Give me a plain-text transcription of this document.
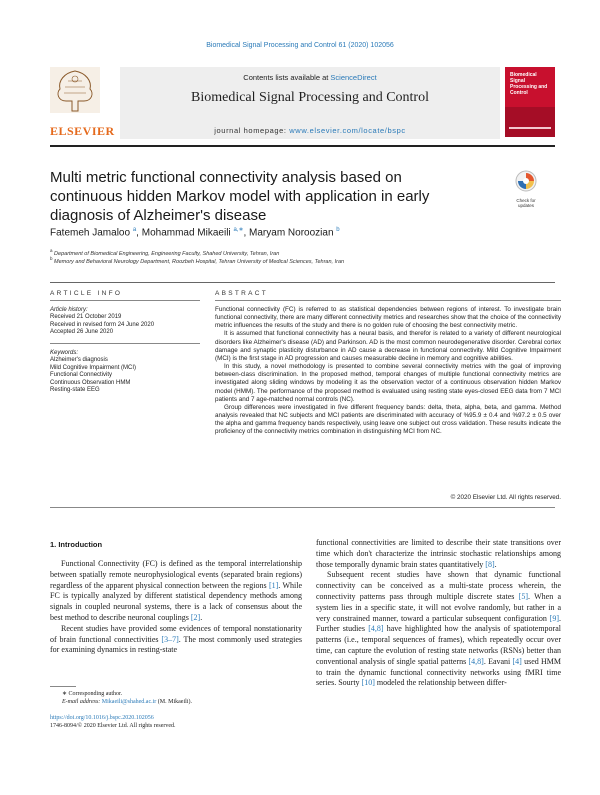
Biomedical Signal Processing and Control 61 (2020) 102056
ELSEVIER
Contents lists available at ScienceDirect
Biomedical Signal Processing and Control
journal homepage: www.elsevier.com/locate/bspc
Biomedical Signal Processing and Control
Multi metric functional connectivity analysis based on continuous hidden Markov model with application in early diagnosis of Alzheimer's disease
Check for
updates
Fatemeh Jamaloo $^a$, Mohammad Mikaeili $^{a,∗}$, Maryam Noroozian $^b$
$^a$ Department of Biomedical Engineering, Engineering Faculty, Shahed University, Tehran, Iran
$^b$ Memory and Behavioral Neurology Department, Roozbeh Hospital, Tehran University of Medical Sciences, Tehran, Iran
ARTICLE INFO
Article history:
Received 21 October 2019
Received in revised form 24 June 2020
Accepted 26 June 2020
Keywords:
Alzheimer's diagnosis
Mild Cognitive Impairment (MCI)
Functional Connectivity
Continuous Observation HMM
Resting-state EEG
ABSTRACT

Functional connectivity (FC) is referred to as statistical dependencies between regions of interest. To investigate brain functional connectivity, there are many different connectivity metrics and researches show that the choice of the connectivity metric influences the results of the study and there is no golden rule of choosing the best connectivity metric.

It is assumed that functional connectivity has a neural basis, and therefor is related to a variety of different neurological disorders like Alzheimer's disease (AD) and Parkinson. AD is the most common neurodegenerative disorder. Cerebral cortex damage and synaptic plasticity disturbance in AD cause a decrease in functional connectivity. Mild Cognitive Impairment (MCI) is the first stage in AD progression and causes measurable decline in memory and cognitive abilities.

In this study, a novel methodology is presented to combine several connectivity metrics with the goal of improving between-class discrimination. In the proposed method, temporal changes of multiple functional connectivity metrics are investigated along sliding windows by modeling it as the observation vector of a continuous observation hidden Markov model (HMM). The performance of the proposed method is evaluated using resting state eyes-closed EEG data from 7 MCI patients and 7 age-matched normal controls (NC).

Group differences were investigated in five different frequency bands: delta, theta, alpha, beta, and gamma. Method analysis revealed that NC subjects and MCI patients are discriminated with accuracy of %95.9 ± 0.4 and %97.2 ± 0.5 over the alpha and gamma frequency bands respectively, using leave one subject out cross validation. These results indicate the proficiency of the connectivity metrics combination in distinguishing MCI from NC.

© 2020 Elsevier Ltd. All rights reserved.
1. Introduction

Functional Connectivity (FC) is defined as the temporal interrelationship between spatially remote neurophysiological events (separated brain regions) regardless of the apparent physical connection between the regions [1]. While FC is typically analyzed by different statistical dependency methods among signals in coupled neuronal systems, there is a lack of consensus about the best method to describe neuronal couplings [2].

Recent studies have provided some evidences of temporal nonstationarity of brain functional connectivities [3–7]. The most commonly used strategies for examining dynamics in resting-state

functional connectivities are limited to describe their state transitions over time which don't characterize the intrinsic stochastic relationships among those temporally dynamic brain states quantitatively [8].

Subsequent recent studies have shown that dynamic functional connectivity can be conceived as a multi-state process wherein, the connectivity patterns pass through multiple discrete states [5]. When a system lies in a specific state, it will not evolve randomly, but rather in a very constrained manner, toward a particular subsequent configuration [9]. Further studies [4,8] have highlighted how the analysis of spatiotemporal patterns (i.e., temporal sequences of frames), which repeatedly occur over time, can capture the evolution of resting state networks (RSNs) better than conventional analysis of single spatial patterns [4,8]. Eavani [4] used HMM to train the dynamic functional connectivity networks using fMRI time series. Sourty [10] modeled the relationship between differ-

∗ Corresponding author.
E-mail address: Mikaeili@shahed.ac.ir (M. Mikaeili).
https://doi.org/10.1016/j.bspc.2020.102056
1746-8094/© 2020 Elsevier Ltd. All rights reserved.
